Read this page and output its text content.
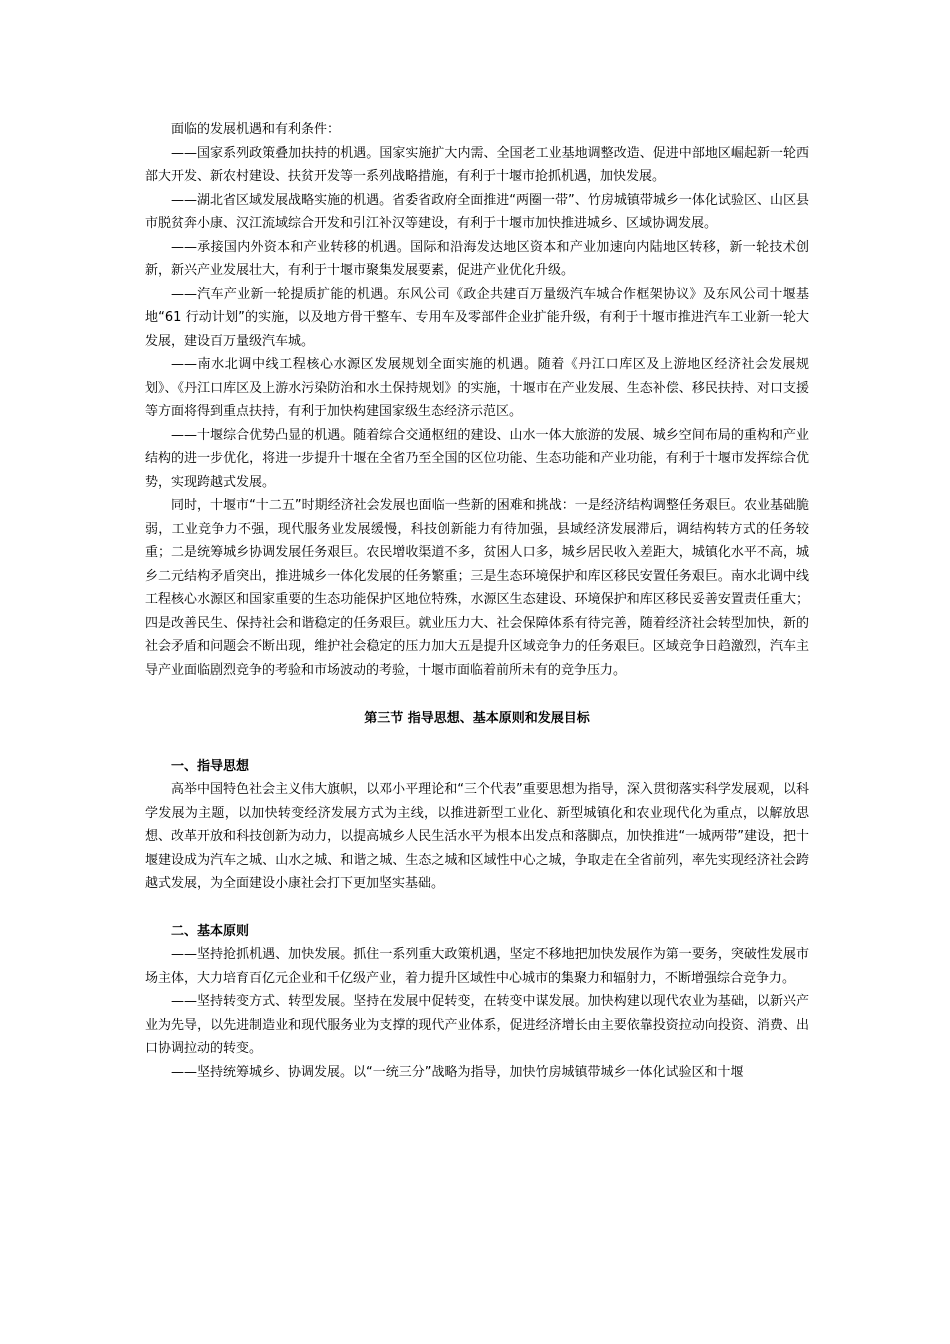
面临的发展机遇和有利条件：

——国家系列政策叠加扶持的机遇。国家实施扩大内需、全国老工业基地调整改造、促进中部地区崛起新一轮西部大开发、新农村建设、扶贫开发等一系列战略措施，有利于十堰市抢抓机遇，加快发展。

——湖北省区域发展战略实施的机遇。省委省政府全面推进“两圈一带”、竹房城镇带城乡一体化试验区、山区县市脱贫奔小康、汉江流域综合开发和引江补汉等建设，有利于十堰市加快推进城乡、区域协调发展。

——承接国内外资本和产业转移的机遇。国际和沿海发达地区资本和产业加速向内陆地区转移，新一轮技术创新，新兴产业发展壮大，有利于十堰市聚集发展要素，促进产业优化升级。

——汽车产业新一轮提质扩能的机遇。东风公司《政企共建百万量级汽车城合作框架协议》及东风公司十堰基地“61 行动计划”的实施，以及地方骨干整车、专用车及零部件企业扩能升级，有利于十堰市推进汽车工业新一轮大发展，建设百万量级汽车城。

——南水北调中线工程核心水源区发展规划全面实施的机遇。随着《丹江口库区及上游地区经济社会发展规划》、《丹江口库区及上游水污染防治和水土保持规划》的实施，十堰市在产业发展、生态补偿、移民扶持、对口支援等方面将得到重点扶持，有利于加快构建国家级生态经济示范区。

——十堰综合优势凸显的机遇。随着综合交通枢纽的建设、山水一体大旅游的发展、城乡空间布局的重构和产业结构的进一步优化，将进一步提升十堰在全省乃至全国的区位功能、生态功能和产业功能，有利于十堰市发挥综合优势，实现跨越式发展。

同时，十堰市“十二五”时期经济社会发展也面临一些新的困难和挑战：一是经济结构调整任务艰巨。农业基础脆弱，工业竞争力不强，现代服务业发展缓慢，科技创新能力有待加强，县域经济发展滞后，调结构转方式的任务较重；二是统筹城乡协调发展任务艰巨。农民增收渠道不多，贫困人口多，城乡居民收入差距大，城镇化水平不高，城乡二元结构矛盾突出，推进城乡一体化发展的任务繁重；三是生态环境保护和库区移民安置任务艰巨。南水北调中线工程核心水源区和国家重要的生态功能保护区地位特殊，水源区生态建设、环境保护和库区移民妥善安置责任重大；四是改善民生、保持社会和谐稳定的任务艰巨。就业压力大、社会保障体系有待完善，随着经济社会转型加快，新的社会矛盾和问题会不断出现，维护社会稳定的压力加大五是提升区域竞争力的任务艰巨。区域竞争日趋激烈，汽车主导产业面临剧烈竞争的考验和市场波动的考验，十堰市面临着前所未有的竞争压力。

第三节 指导思想、基本原则和发展目标

一、指导思想

高举中国特色社会主义伟大旗帜，以邓小平理论和“三个代表”重要思想为指导，深入贯彻落实科学发展观，以科学发展为主题，以加快转变经济发展方式为主线，以推进新型工业化、新型城镇化和农业现代化为重点，以解放思想、改革开放和科技创新为动力，以提高城乡人民生活水平为根本出发点和落脚点，加快推进“一城两带”建设，把十堰建设成为汽车之城、山水之城、和谐之城、生态之城和区域性中心之城，争取走在全省前列，率先实现经济社会跨越式发展，为全面建设小康社会打下更加坚实基础。

二、基本原则

——坚持抢抓机遇、加快发展。抓住一系列重大政策机遇，坚定不移地把加快发展作为第一要务，突破性发展市场主体，大力培育百亿元企业和千亿级产业，着力提升区域性中心城市的集聚力和辐射力，不断增强综合竞争力。

——坚持转变方式、转型发展。坚持在发展中促转变，在转变中谋发展。加快构建以现代农业为基础，以新兴产业为先导，以先进制造业和现代服务业为支撑的现代产业体系，促进经济增长由主要依靠投资拉动向投资、消费、出口协调拉动的转变。

——坚持统筹城乡、协调发展。以“一统三分”战略为指导，加快竹房城镇带城乡一体化试验区和十堰
